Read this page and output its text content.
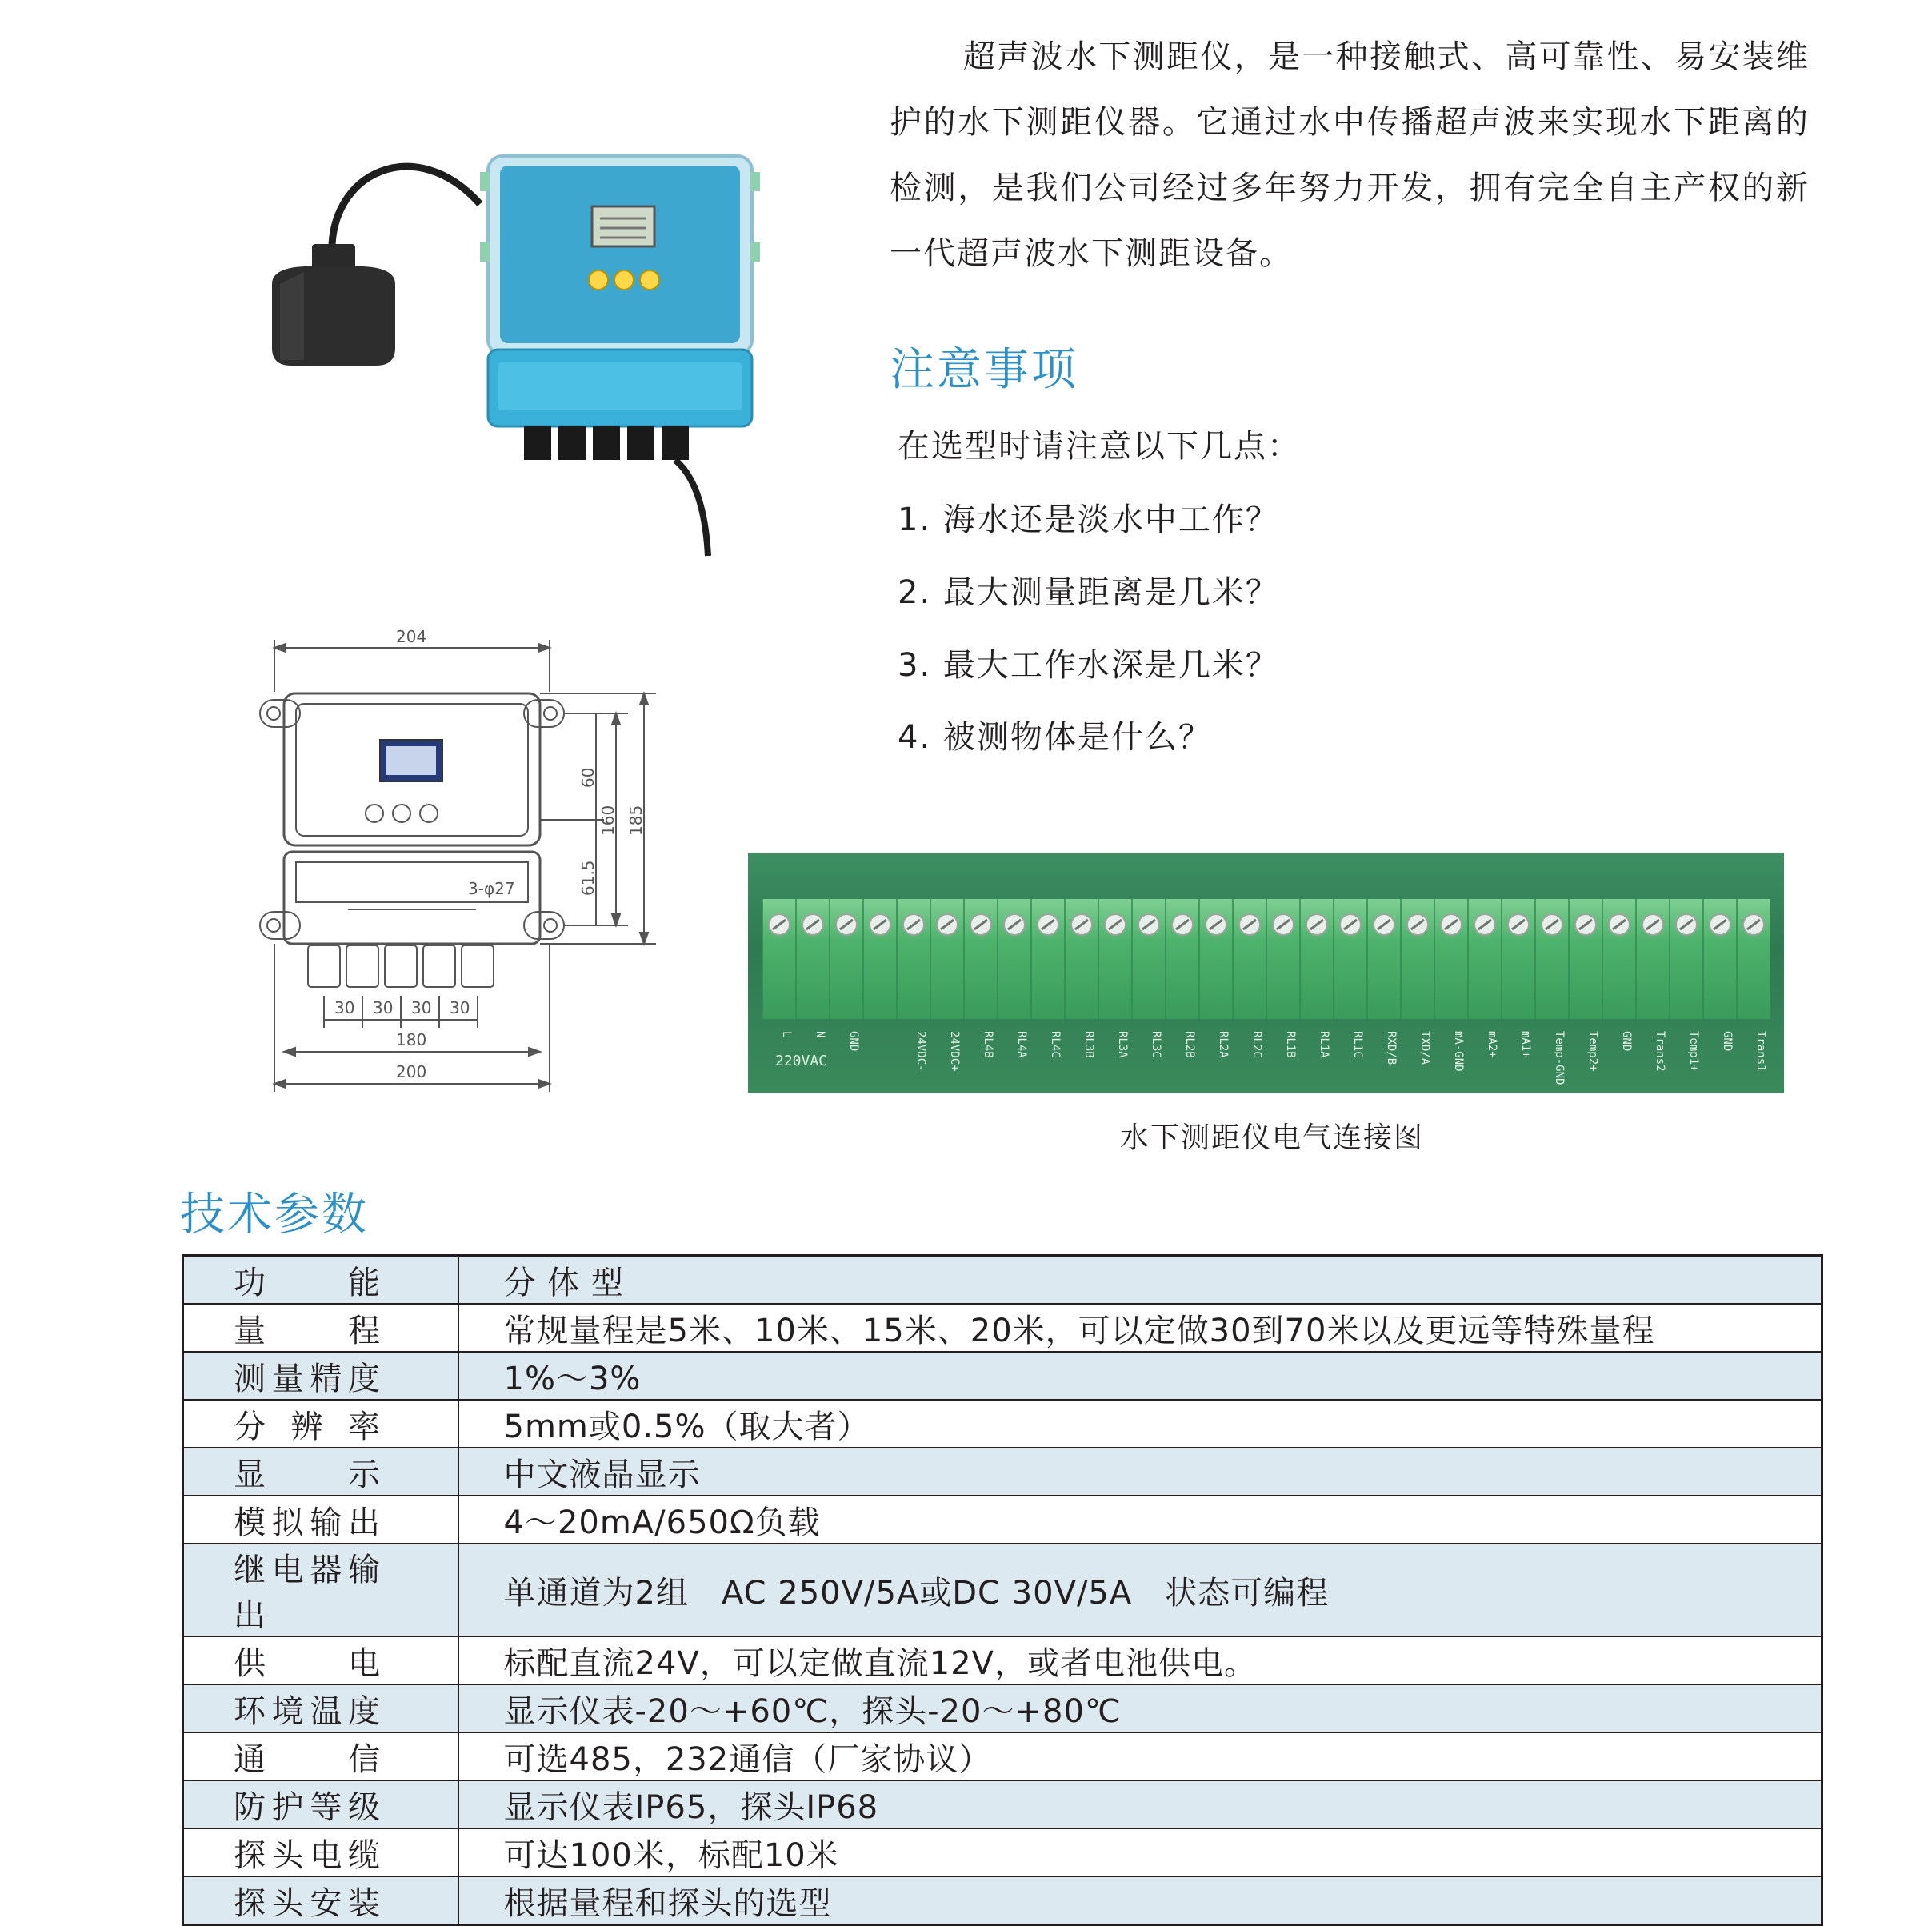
超声波水下测距仪，是一种接触式、高可靠性、易安装维护的水下测距仪器。它通过水中传播超声波来实现水下距离的检测，是我们公司经过多年努力开发，拥有完全自主产权的新一代超声波水下测距设备。
204
3-φ27
30 30 30 30
180
200
60
61.5
160 185
注意事项
在选型时请注意以下几点：
1. 海水还是淡水中工作？
2. 最大测量距离是几米？
3. 最大工作水深是几米？
4. 被测物体是什么？
L N GND	24VDC- 24VDC+ RL4B RL4A RL4C RL3B RL3A RL3C RL2B RL2A RL2C RL1B RL1A RL1C RXD/B TXD/A mA-GND mA2+ mA1+ Temp-GND Temp2+ GND Trans2 Temp1+ GND Trans1
220VAC
水下测距仪电气连接图
技术参数
功能	分 体 型
量程	常规量程是5米、10米、15米、20米，可以定做30到70米以及更远等特殊量程
测量精度	1%～3%
分辨率	5mm或0.5%（取大者）
显示	中文液晶显示
模拟输出	4～20mA/650Ω负载
继电器输出	单通道为2组　AC 250V/5A或DC 30V/5A　状态可编程
供电	标配直流24V，可以定做直流12V，或者电池供电。
环境温度	显示仪表-20～+60℃，探头-20～+80℃
通信	可选485，232通信（厂家协议）
防护等级	显示仪表IP65，探头IP68
探头电缆	可达100米，标配10米
探头安装	根据量程和探头的选型
